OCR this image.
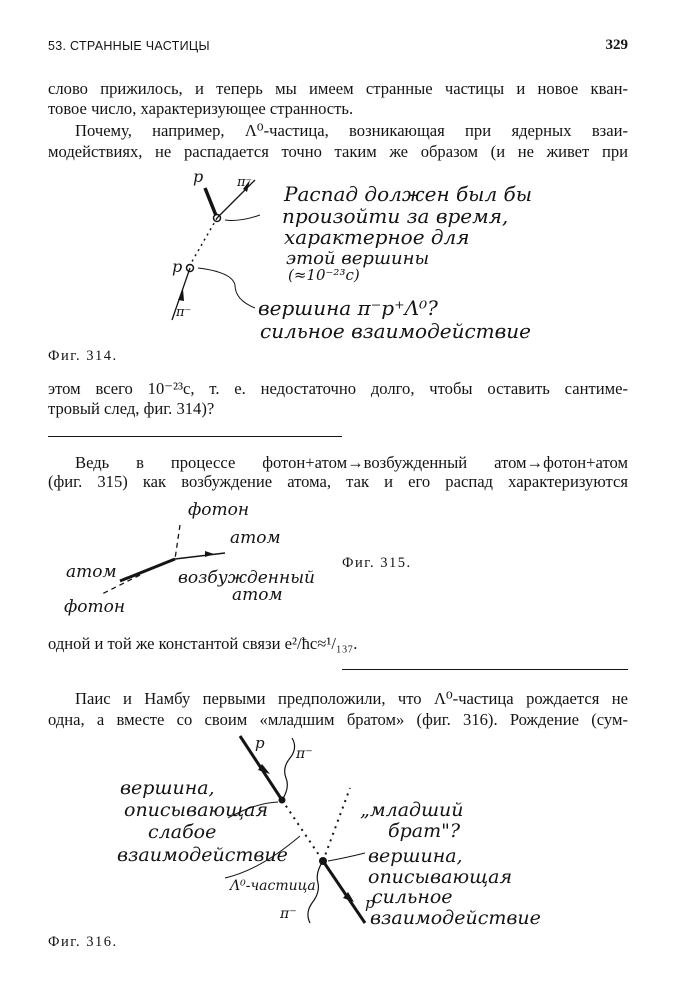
53. СТРАННЫЕ ЧАСТИЦЫ	329
слово прижилось, и теперь мы имеем странные частицы и новое кван-
товое число, характеризующее странность.
Почему, например, Λ⁰-частица, возникающая при ядерных взаи-
модействиях, не распадается точно таким же образом (и не живет при
p	π⁻
p
π⁻
Распад должен был бы
произойти за время,
характерное для
этой вершины
(≈10⁻²³с)
вершина π⁻p⁺Λ⁰?
сильное взаимодействие
Фиг. 314.
этом всего 10⁻²³с, т. е. недостаточно долго, чтобы оставить сантиме-
тровый след, фиг. 314)?
Ведь в процессе фотон+атом→возбужденный атом→фотон+атом
(фиг. 315) как возбуждение атома, так и его распад характеризуются
фотон
атом
атом	возбужденный
атом
фотон
Фиг. 315.
одной и той же константой связи e²/ħc≈¹/₁₃₇.
Паис и Намбу первыми предположили, что Λ⁰-частица рождается не
одна, а вместе со своим «младшим братом» (фиг. 316). Рождение (сум-
p
π⁻
вершина,
описывающая
слабое
взаимодействие
„младший
брат"?
вершина,
описывающая
сильное
взаимодействие
Λ⁰-частица
π⁻
p
Фиг. 316.
